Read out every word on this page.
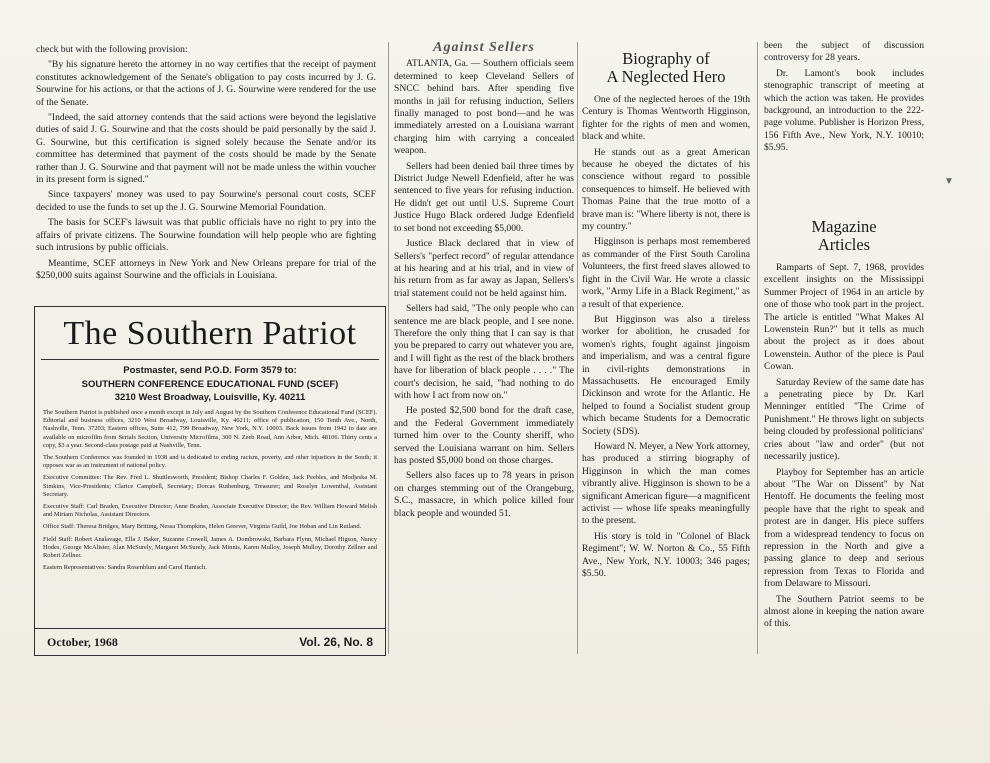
check but with the following provision:

"By his signature hereto the attorney in no way certifies that the receipt of payment constitutes acknowledgement of the Senate's obligation to pay costs incurred by J. G. Sourwine for his actions, or that the actions of J. G. Sourwine were rendered for the use of the Senate.

"Indeed, the said attorney contends that the said actions were beyond the legislative duties of said J. G. Sourwine and that the costs should be paid personally by the said J. G. Sourwine, but this certification is signed solely because the Senate and/or its committee has determined that payment of the costs should be made by the Senate rather than J. G. Sourwine and that payment will not be made unless the within voucher in its present form is signed."

Since taxpayers' money was used to pay Sourwine's personal court costs, SCEF decided to use the funds to set up the J. G. Sourwine Memorial Foundation.

The basis for SCEF's lawsuit was that public officials have no right to pry into the affairs of private citizens. The Sourwine foundation will help people who are fighting such intrusions by public officials.

Meantime, SCEF attorneys in New York and New Orleans prepare for trial of the $250,000 suits against Sourwine and the officials in Louisiana.

The Southern Patriot
Postmaster, send P.O.D. Form 3579 to:
SOUTHERN CONFERENCE EDUCATIONAL FUND (SCEF)
3210 West Broadway, Louisville, Ky. 40211

The Southern Patriot is published once a month except in July and August by the Southern Conference Educational Fund (SCEF). Editorial and business offices, 3210 West Broadway, Louisville, Ky. 40211; office of publication, 150 Tenth Ave., North, Nashville, Tenn. 37203; Eastern offices, Suite 412, 799 Broadway, New York, N.Y. 10003. Back issues from 1942 to date are available on microfilm from Serials Section, University Microfilms, 300 N. Zeeb Road, Ann Arbor, Mich. 48106. Thirty cents a copy, $3 a year. Second-class postage paid at Nashville, Tenn.

The Southern Conference was founded in 1938 and is dedicated to ending racism, poverty, and other injustices in the South; it opposes war as an instrument of national policy.

Executive Committee: The Rev. Fred L. Shuttlesworth, President; Bishop Charles F. Golden, Jack Peebles, and Modjeska M. Simkins, Vice-Presidents; Clarice Campbell, Secretary; Dorcas Ruthenburg, Treasurer; and Rosslyn Lowenthal, Assistant Secretary.

Executive Staff: Carl Braden, Executive Director; Anne Braden, Associate Executive Director; the Rev. William Howard Melish and Miriam Nicholas, Assistant Directors.

Office Staff: Theresa Bridges, Mary Britting, Nessa Thompkins, Helen Greever, Virginia Guild, Joe Hoban and Lin Rutland.

Field Staff: Robert Analavage, Ella J. Baker, Suzanne Crowell, James A. Dombrowski, Barbara Flynn, Michael Higson, Nancy Hodes, George McAlister, Alan McSurely, Margaret McSurely, Jack Minnis, Karen Mulloy, Joseph Mulloy, Dorothy Zellner and Robert Zellner.

Eastern Representatives: Sandra Rosenblum and Carol Hanisch.

October, 1968	Vol. 26, No. 8
Against Sellers

ATLANTA, Ga. — Southern officials seem determined to keep Cleveland Sellers of SNCC behind bars. After spending five months in jail for refusing induction, Sellers finally managed to post bond—and he was immediately arrested on a Louisiana warrant charging him with carrying a concealed weapon.

Sellers had been denied bail three times by District Judge Newell Edenfield, after he was sentenced to five years for refusing induction. He didn't get out until U.S. Supreme Court Justice Hugo Black ordered Judge Edenfield to set bond not exceeding $5,000.

Justice Black declared that in view of Sellers's "perfect record" of regular attendance at his hearing and at his trial, and in view of his return from as far away as Japan, Sellers's trial statement could not be held against him.

Sellers had said, "The only people who can sentence me are black people, and I see none. Therefore the only thing that I can say is that you be prepared to carry out whatever you are, and I will fight as the rest of the black brothers have for liberation of black people . . . ." The court's decision, he said, "had nothing to do with how I act from now on."

He posted $2,500 bond for the draft case, and the Federal Government immediately turned him over to the County sheriff, who served the Louisiana warrant on him. Sellers has posted $5,000 bond on those charges.

Sellers also faces up to 78 years in prison on charges stemming out of the Orangeburg, S.C., massacre, in which police killed four black people and wounded 51.

Biography of
A Neglected Hero

One of the neglected heroes of the 19th Century is Thomas Wentworth Higginson, fighter for the rights of men and women, black and white.

He stands out as a great American because he obeyed the dictates of his conscience without regard to possible consequences to himself. He believed with Thomas Paine that the true motto of a brave man is: "Where liberty is not, there is my country."

Higginson is perhaps most remembered as commander of the First South Carolina Volunteers, the first freed slaves allowed to fight in the Civil War. He wrote a classic work, "Army Life in a Black Regiment," as a result of that experience.

But Higginson was also a tireless worker for abolition, he crusaded for women's rights, fought against jingoism and imperialism, and was a central figure in civil-rights demonstrations in Massachusetts. He encouraged Emily Dickinson and wrote for the Atlantic. He helped to found a Socialist student group which became Students for a Democratic Society (SDS).

Howard N. Meyer, a New York attorney, has produced a stirring biography of Higginson in which the man comes vibrantly alive. Higginson is shown to be a significant American figure—a magnificent activist — whose life speaks meaningfully to the present.

His story is told in "Colonel of Black Regiment"; W. W. Norton & Co., 55 Fifth Ave., New York, N.Y. 10003; 346 pages; $5.50.

been the subject of discussion controversy for 28 years.

Dr. Lamont's book includes stenographic transcript of meeting at which the action was taken. He provides background, an introduction to the 222-page volume. Publisher is Horizon Press, 156 Fifth Ave., New York, N.Y. 10010; $5.95.

Magazine
Articles

Ramparts of Sept. 7, 1968, provides excellent insights on the Mississippi Summer Project of 1964 in an article by one of those who took part in the project. The article is entitled "What Makes Al Lowenstein Run?" but it tells as much about the project as it does about Lowenstein. Author of the piece is Paul Cowan.

Saturday Review of the same date has a penetrating piece by Dr. Karl Menninger entitled "The Crime of Punishment." He throws light on subjects being clouded by professional politicians' cries about "law and order" (but not necessarily justice).

Playboy for September has an article about "The War on Dissent" by Nat Hentoff. He documents the feeling most people have that the right to speak and protest are in danger. His piece suffers from a widespread tendency to focus on repression in the North and give a passing glance to deep and serious repression from Texas to Florida and from Delaware to Missouri.

The Southern Patriot seems to be almost alone in keeping the nation aware of this.

▼
